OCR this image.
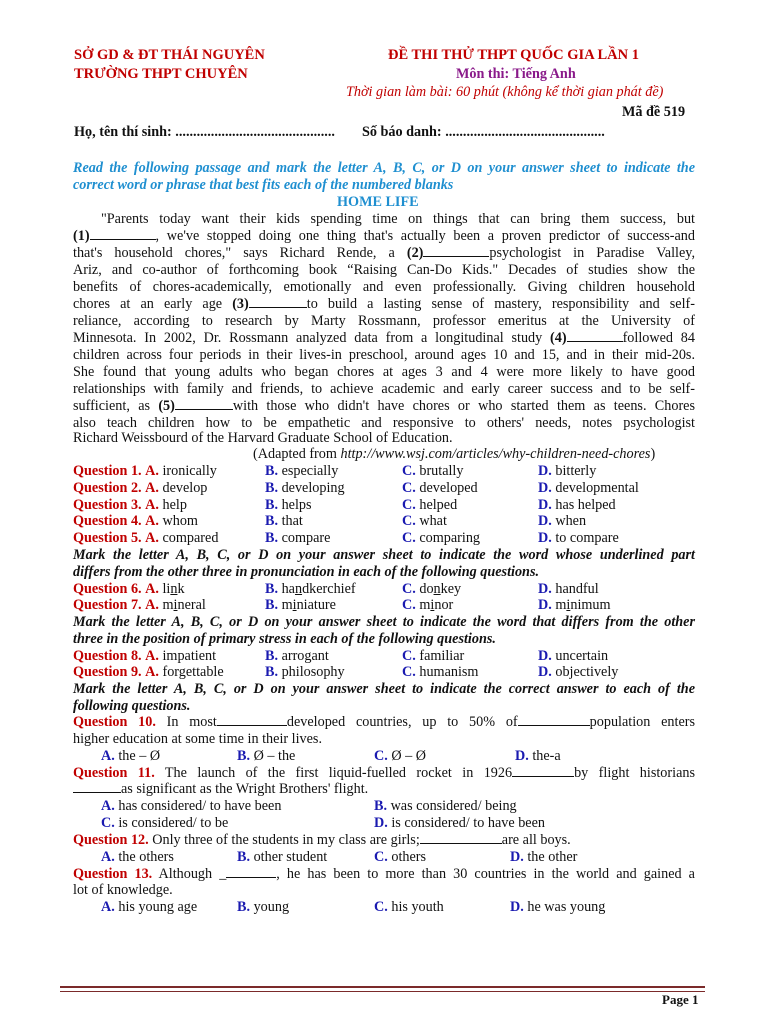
SỞ GD & ĐT THÁI NGUYÊN
TRƯỜNG THPT CHUYÊN
ĐỀ THI THỬ THPT QUỐC GIA LẦN 1
Môn thi: Tiếng Anh
Thời gian làm bài: 60 phút (không kể thời gian phát đề)
Mã đề 519
Họ, tên thí sinh: ............................................. Số báo danh: .............................................
Read the following passage and mark the letter A, B, C, or D on your answer sheet to indicate the
correct word or phrase that best fits each of the numbered blanks
HOME LIFE
"Parents today want their kids spending time on things that can bring them success, but
(1)	, we've stopped doing one thing that's actually been a proven predictor of success-and
that's household chores," says Richard Rende, a (2)	psychologist in Paradise Valley,
Ariz, and co-author of forthcoming book “Raising Can-Do Kids." Decades of studies show the
benefits of chores-academically, emotionally and even professionally. Giving children household
chores at an early age (3)	to build a lasting sense of mastery, responsibility and self-
reliance, according to research by Marty Rossmann, professor emeritus at the University of
Minnesota. In 2002, Dr. Rossmann analyzed data from a longitudinal study (4)	followed 84
children across four periods in their lives-in preschool, around ages 10 and 15, and in their mid-20s.
She found that young adults who began chores at ages 3 and 4 were more likely to have good
relationships with family and friends, to achieve academic and early career success and to be self-
sufficient, as (5)	with those who didn't have chores or who started them as teens. Chores
also teach children how to be empathetic and responsive to others' needs, notes psychologist
Richard Weissbourd of the Harvard Graduate School of Education.
(Adapted from http://www.wsj.com/articles/why-children-need-chores)
Question 1. A. ironically	B. especially	C. brutally	D. bitterly
Question 2. A. develop	B. developing	C. developed	D. developmental
Question 3. A. help	B. helps	C. helped	D. has helped
Question 4. A. whom	B. that	C. what	D. when
Question 5. A. compared	B. compare	C. comparing	D. to compare
Mark the letter A, B, C, or D on your answer sheet to indicate the word whose underlined part
differs from the other three in pronunciation in each of the following questions.
Question 6. A. link	B. handkerchief	C. donkey	D. handful
Question 7. A. mineral	B. miniature	C. minor	D. minimum
Mark the letter A, B, C, or D on your answer sheet to indicate the word that differs from the other
three in the position of primary stress in each of the following questions.
Question 8. A. impatient	B. arrogant	C. familiar	D. uncertain
Question 9. A. forgettable	B. philosophy	C. humanism	D. objectively
Mark the letter A, B, C, or D on your answer sheet to indicate the correct answer to each of the
following questions.
Question 10. In most	developed countries, up to 50% of	population enters
higher education at some time in their lives.
A. the – Ø	B. Ø – the	C. Ø – Ø	D. the-a
Question 11. The launch of the first liquid-fuelled rocket in 1926	by flight historians
as significant as the Wright Brothers' flight.
A. has considered/ to have been	B. was considered/ being
C. is considered/ to be	D. is considered/ to have been
Question 12. Only three of the students in my class are girls;	are all boys.
A. the others	B. other student	C. others	D. the other
Question 13. Although _	, he has been to more than 30 countries in the world and gained a
lot of knowledge.
A. his young age	B. young	C. his youth	D. he was young
Page 1
